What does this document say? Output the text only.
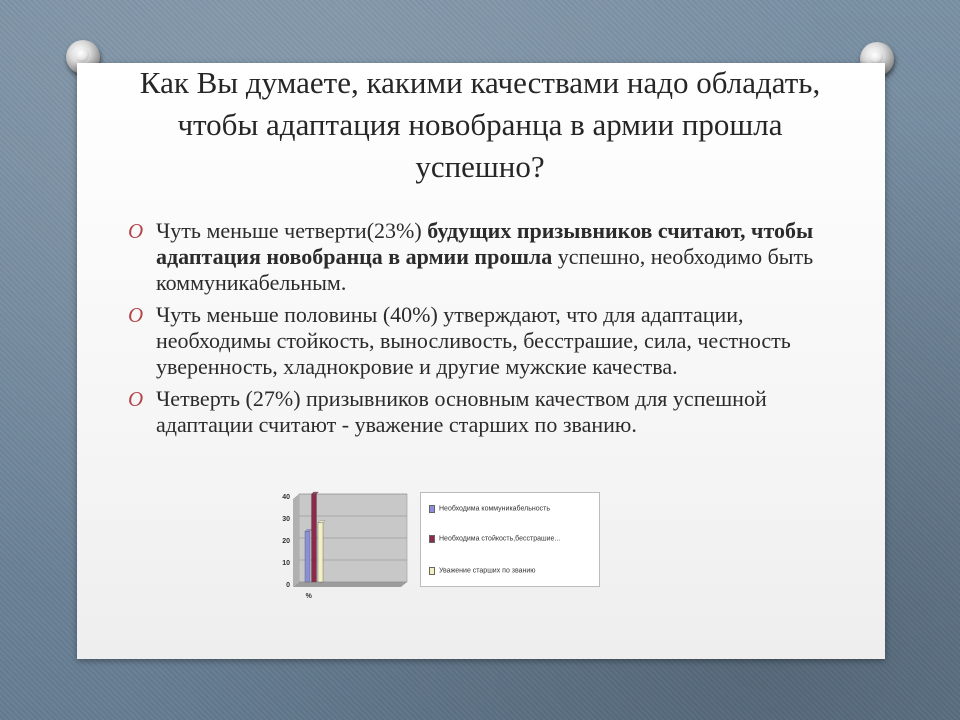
Как Вы думаете, какими качествами надо обладать, чтобы адаптация новобранца в армии прошла успешно?
O Чуть меньше четверти(23%) будущих призывников считают, чтобы адаптация новобранца в армии прошла успешно, необходимо быть коммуникабельным.
O Чуть меньше половины (40%) утверждают, что для адаптации, необходимы стойкость, выносливость, бесстрашие, сила, честность уверенность, хладнокровие и другие мужские качества.
O Четверть (27%) призывников основным качеством для успешной адаптации считают - уважение старших по званию.
0
10
20
30
40
%
Необходима коммуникабельность
Необходима стойкость,бесстрашие...
Уважение старших по званию
